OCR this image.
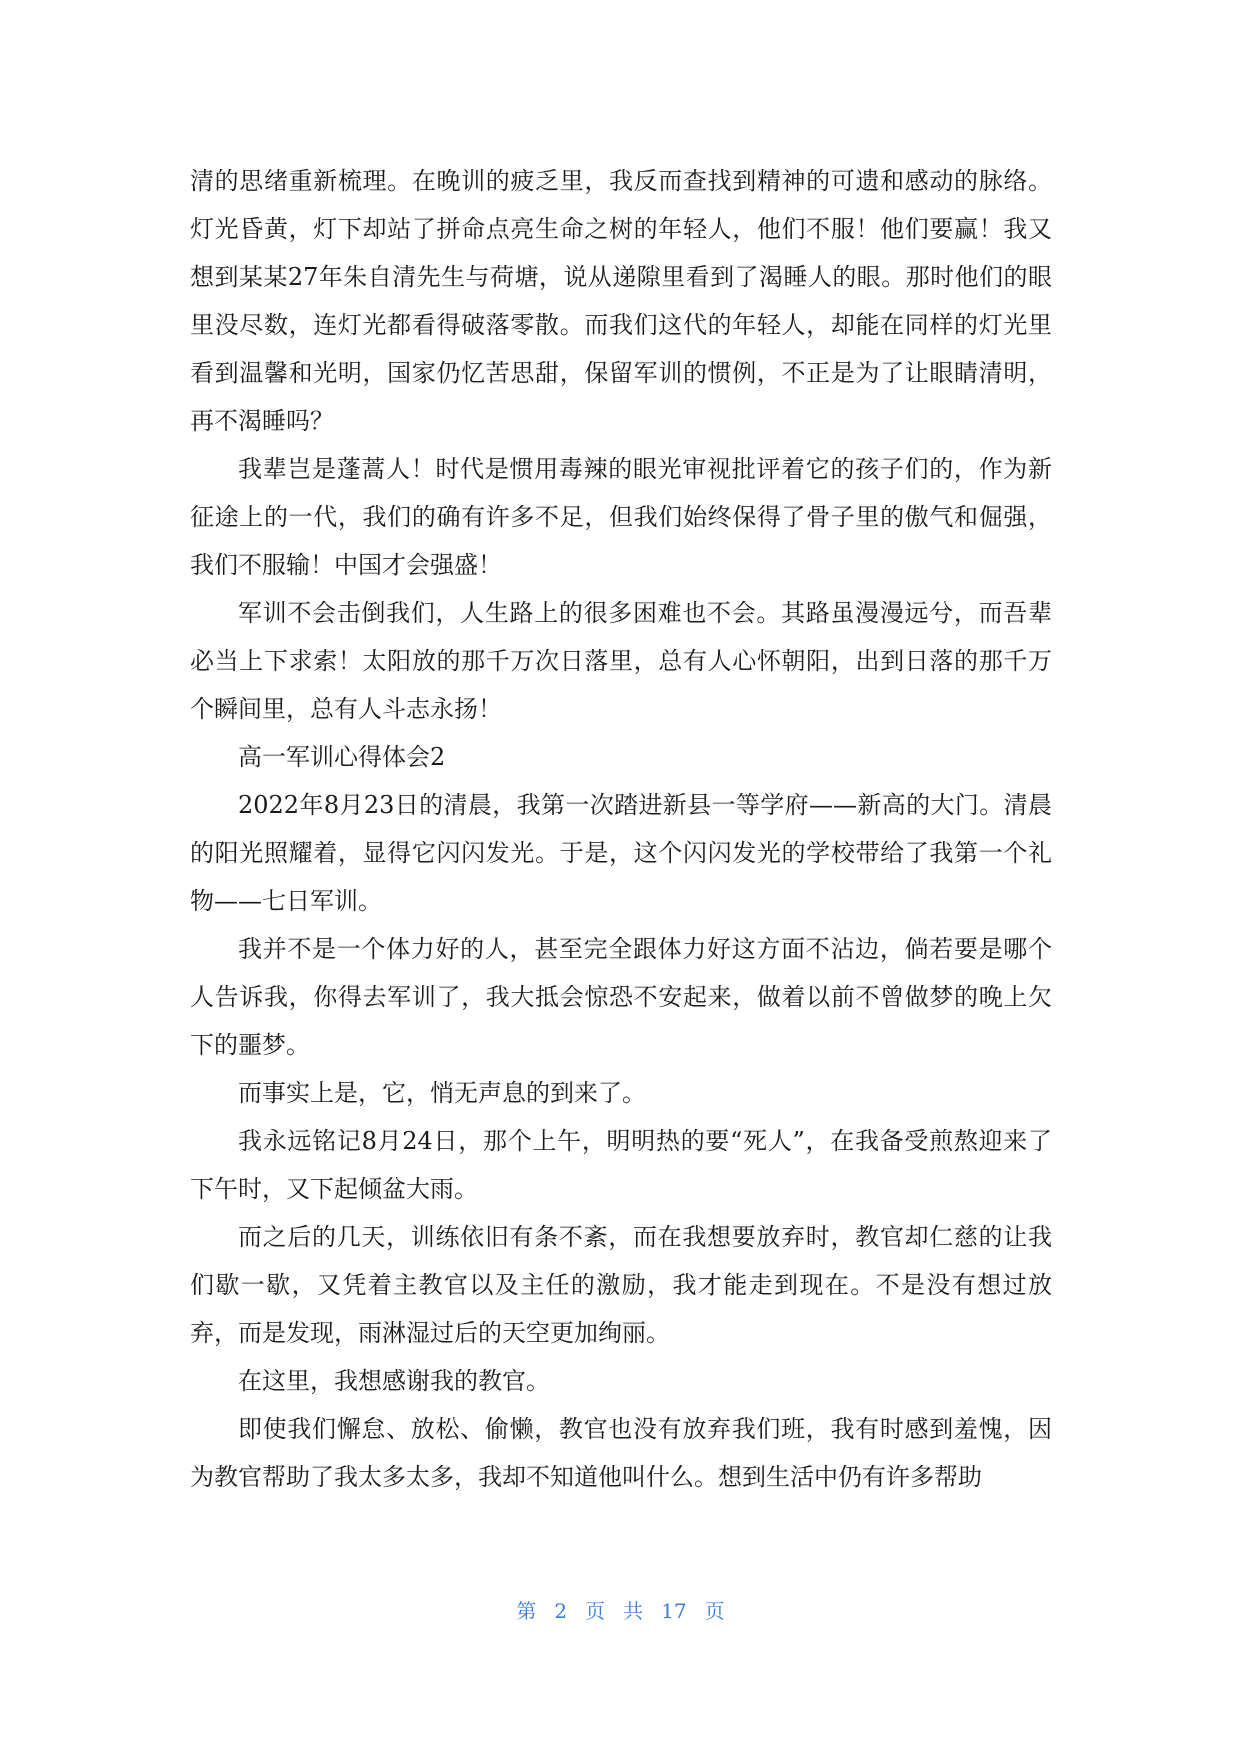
清的思绪重新梳理。在晚训的疲乏里，我反而查找到精神的可遗和感动的脉络。灯光昏黄，灯下却站了拼命点亮生命之树的年轻人，他们不服！他们要赢！我又想到某某27年朱自清先生与荷塘，说从递隙里看到了渴睡人的眼。那时他们的眼里没尽数，连灯光都看得破落零散。而我们这代的年轻人，却能在同样的灯光里看到温馨和光明，国家仍忆苦思甜，保留军训的惯例，不正是为了让眼睛清明，再不渴睡吗？

我辈岂是蓬蒿人！时代是惯用毒辣的眼光审视批评着它的孩子们的，作为新征途上的一代，我们的确有许多不足，但我们始终保得了骨子里的傲气和倔强，我们不服输！中国才会强盛！

军训不会击倒我们，人生路上的很多困难也不会。其路虽漫漫远兮，而吾辈必当上下求索！太阳放的那千万次日落里，总有人心怀朝阳，出到日落的那千万个瞬间里，总有人斗志永扬！

高一军训心得体会2

2022年8月23日的清晨，我第一次踏进新县一等学府——新高的大门。清晨的阳光照耀着，显得它闪闪发光。于是，这个闪闪发光的学校带给了我第一个礼物——七日军训。

我并不是一个体力好的人，甚至完全跟体力好这方面不沾边，倘若要是哪个人告诉我，你得去军训了，我大抵会惊恐不安起来，做着以前不曾做梦的晚上欠下的噩梦。

而事实上是，它，悄无声息的到来了。

我永远铭记8月24日，那个上午，明明热的要“死人”，在我备受煎熬迎来了下午时，又下起倾盆大雨。

而之后的几天，训练依旧有条不紊，而在我想要放弃时，教官却仁慈的让我们歇一歇，又凭着主教官以及主任的激励，我才能走到现在。不是没有想过放弃，而是发现，雨淋湿过后的天空更加绚丽。

在这里，我想感谢我的教官。

即使我们懈怠、放松、偷懒，教官也没有放弃我们班，我有时感到羞愧，因为教官帮助了我太多太多，我却不知道他叫什么。想到生活中仍有许多帮助

第 2 页共17 页
